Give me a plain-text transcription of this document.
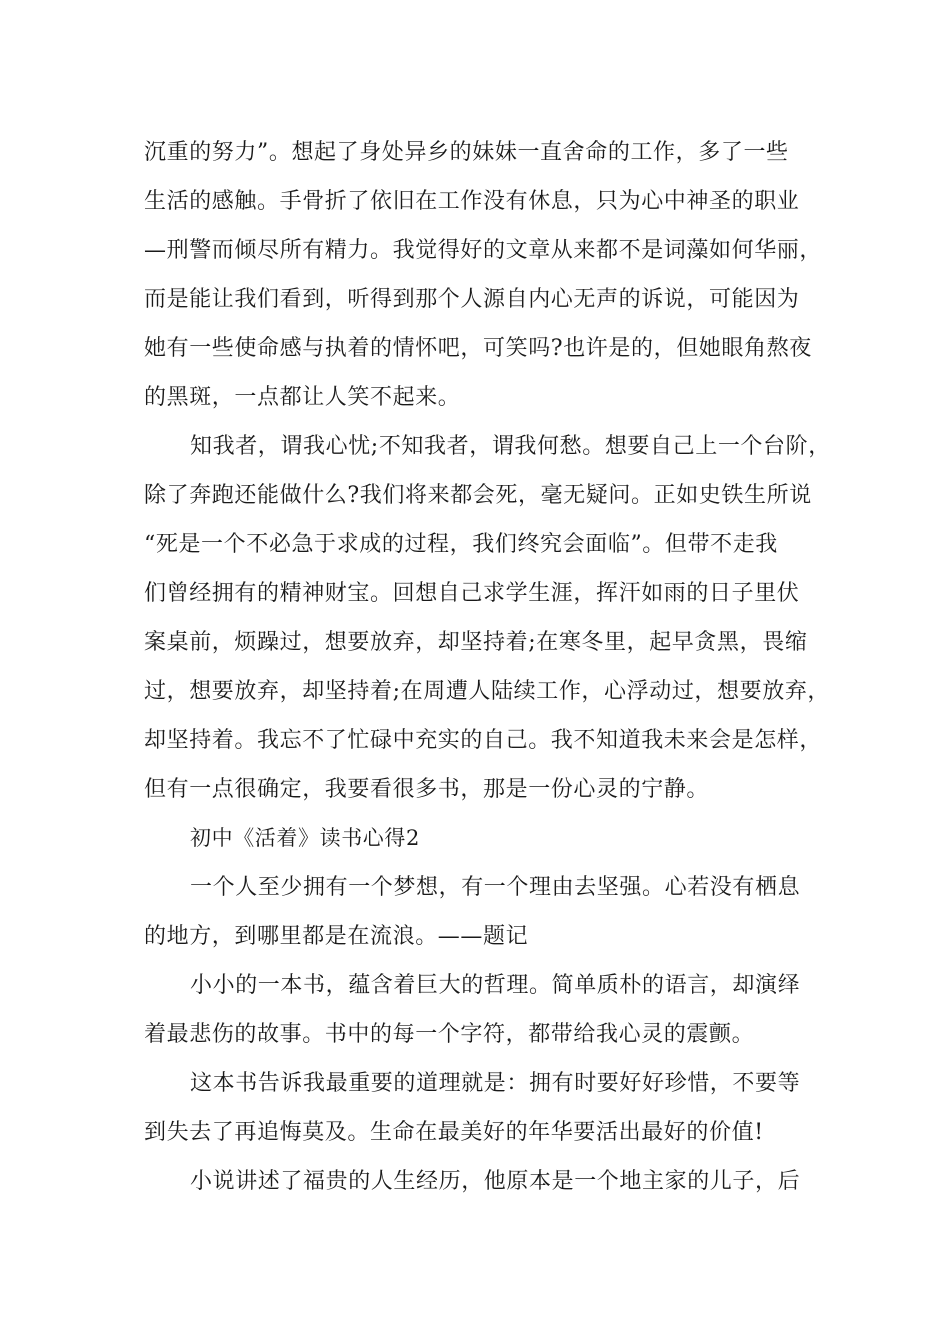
沉重的努力”。想起了身处异乡的妹妹一直舍命的工作，多了一些
生活的感触。手骨折了依旧在工作没有休息，只为心中神圣的职业
—刑警而倾尽所有精力。我觉得好的文章从来都不是词藻如何华丽，
而是能让我们看到，听得到那个人源自内心无声的诉说，可能因为
她有一些使命感与执着的情怀吧，可笑吗?也许是的，但她眼角熬夜
的黑斑，一点都让人笑不起来。
知我者，谓我心忧;不知我者，谓我何愁。想要自己上一个台阶，
除了奔跑还能做什么?我们将来都会死，毫无疑问。正如史铁生所说
“死是一个不必急于求成的过程，我们终究会面临”。但带不走我
们曾经拥有的精神财宝。回想自己求学生涯，挥汗如雨的日子里伏
案桌前，烦躁过，想要放弃，却坚持着;在寒冬里，起早贪黑，畏缩
过，想要放弃，却坚持着;在周遭人陆续工作，心浮动过，想要放弃，
却坚持着。我忘不了忙碌中充实的自己。我不知道我未来会是怎样，
但有一点很确定，我要看很多书，那是一份心灵的宁静。
初中《活着》读书心得2
一个人至少拥有一个梦想，有一个理由去坚强。心若没有栖息
的地方，到哪里都是在流浪。——题记
小小的一本书，蕴含着巨大的哲理。简单质朴的语言，却演绎
着最悲伤的故事。书中的每一个字符，都带给我心灵的震颤。
这本书告诉我最重要的道理就是：拥有时要好好珍惜，不要等
到失去了再追悔莫及。生命在最美好的年华要活出最好的价值!
小说讲述了福贵的人生经历，他原本是一个地主家的儿子，后
